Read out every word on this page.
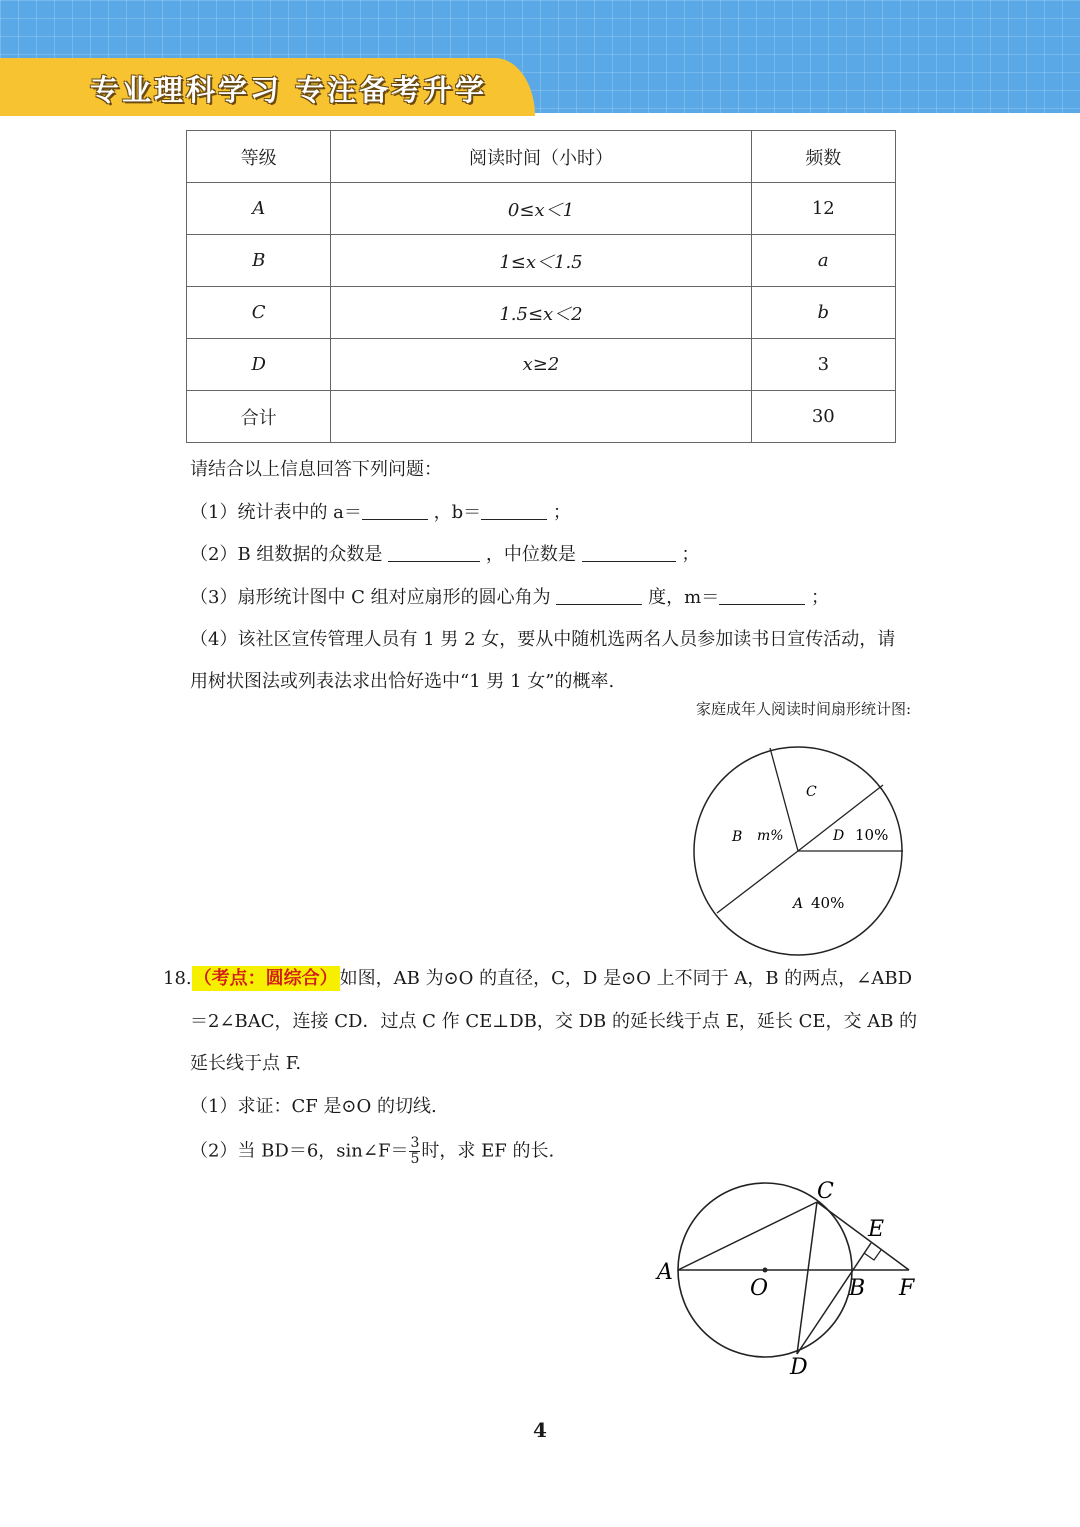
专业理科学习 专注备考升学
等级	阅读时间（小时）	频数
A	0≤x＜1	12
B	1≤x＜1.5	a
C	1.5≤x＜2	b
D	x≥2	3
合计		30
请结合以上信息回答下列问题：
（1）统计表中的 a＝	，b＝	；
（2）B 组数据的众数是	，中位数是	；
（3）扇形统计图中 C 组对应扇形的圆心角为	度，m＝	；
（4）该社区宣传管理人员有 1 男 2 女，要从中随机选两名人员参加读书日宣传活动，请
用树状图法或列表法求出恰好选中“1 男 1 女”的概率.
家庭成年人阅读时间扇形统计图:
C
D 10%
B m%
A 40%
18. （考点：圆综合） 如图，AB 为⊙O 的直径，C，D 是⊙O 上不同于 A，B 的两点，∠ABD
＝2∠BAC，连接 CD．过点 C 作 CE⊥DB，交 DB 的延长线于点 E，延长 CE，交 AB 的
延长线于点 F.
（1）求证：CF 是⊙O 的切线.
（2）当 BD＝6，sin∠F＝ $\frac{3}{5}$ 时，求 EF 的长.
A
O	B F
C
E
D
4
